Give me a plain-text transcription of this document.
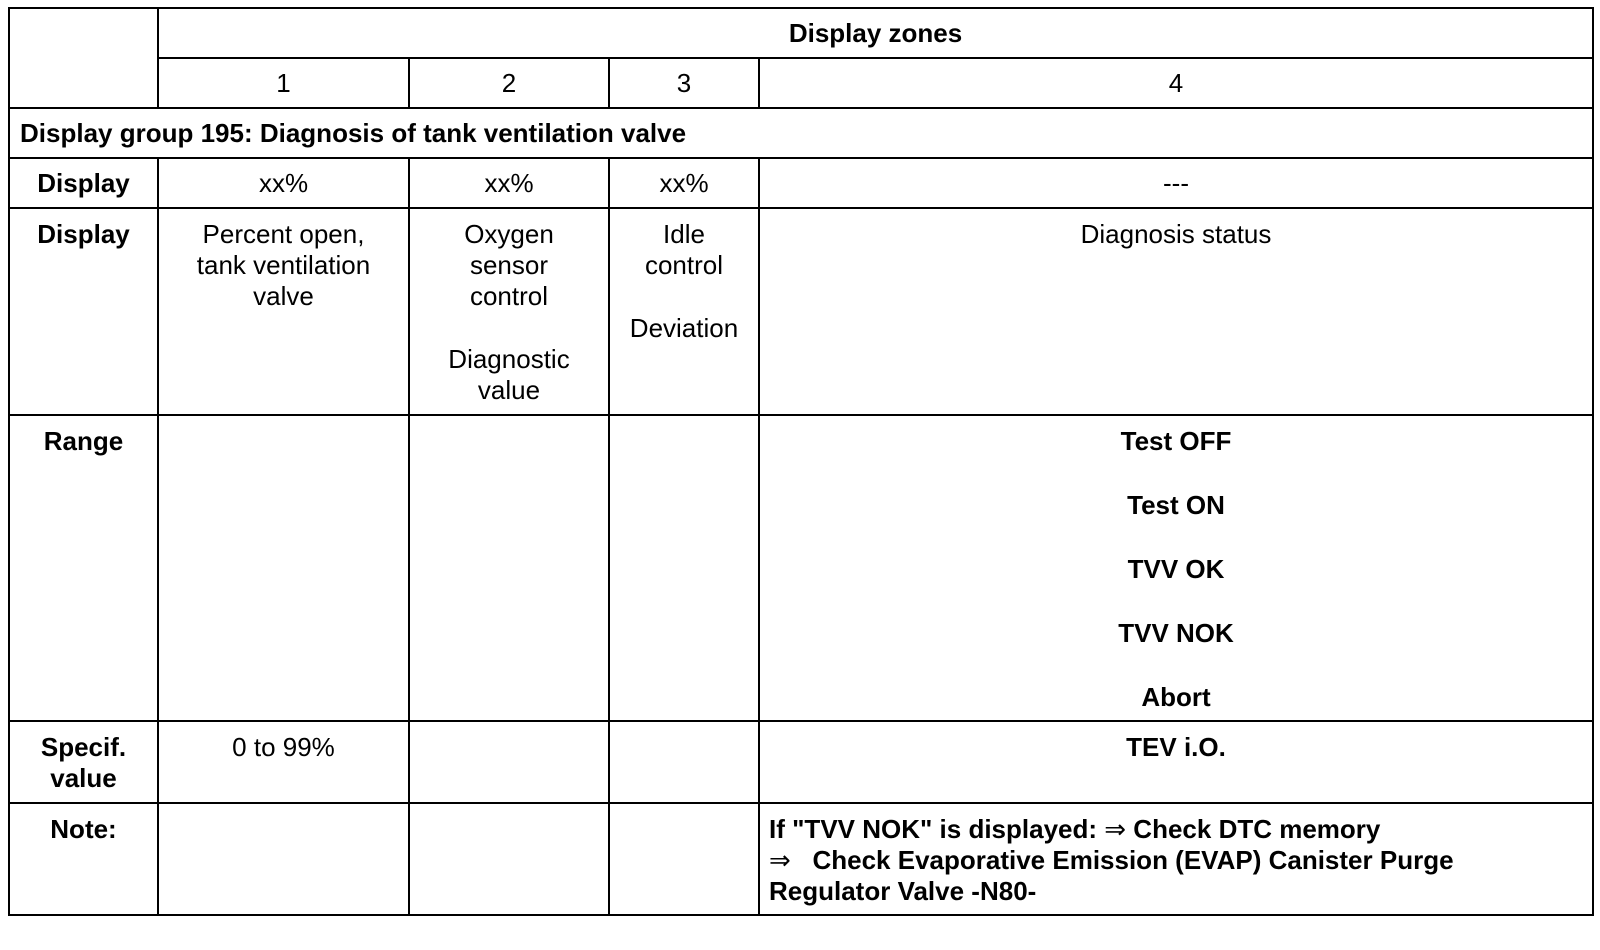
	Display zones			
	1	2	3	4
Display group 195: Diagnosis of tank ventilation valve				
Display	xx%	xx%	xx%	---
Display	Percent open,
tank ventilation
valve	Oxygen
sensor
control
Diagnostic
value	Idle
control
Deviation	Diagnosis status
Range				Test OFF
Test ON
TVV OK
TVV NOK
Abort

Specif.
value	0 to 99%			TEV i.O.
Note:				If "TVV NOK" is displayed: ⇒ Check DTC memory
⇒   Check Evaporative Emission (EVAP) Canister Purge
Regulator Valve -N80-
